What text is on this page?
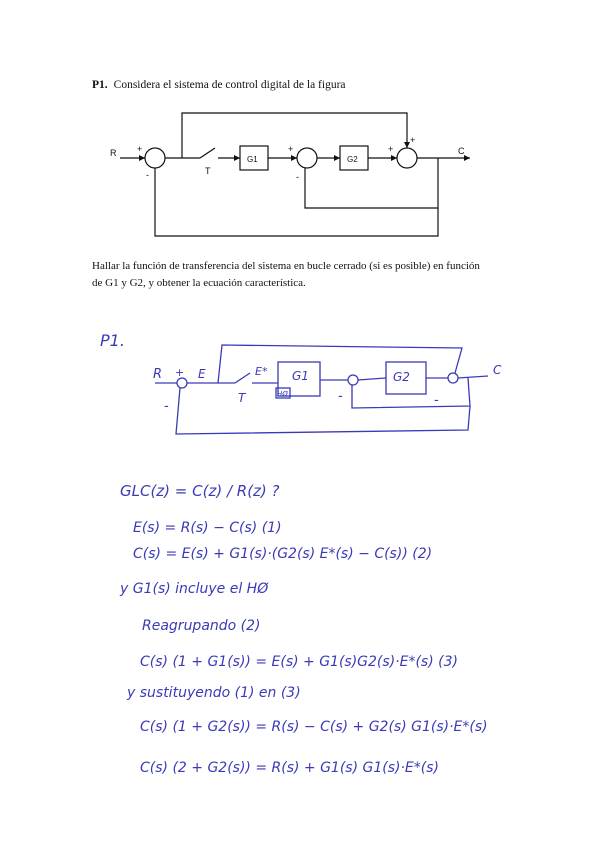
P1. Considera el sistema de control digital de la figura
R +
-	T
G1
+
-
G2
+
+
C
Hallar la función de transferencia del sistema en bucle cerrado (si es posible) en función
de G1 y G2, y obtener la ecuación característica.
P1.
R	E	E*
T
G1
HØ
G2	C
+
-
-	-
GLC(z) = C(z) / R(z) ?
E(s) = R(s) − C(s) (1)
C(s) = E(s) + G1(s)·(G2(s) E*(s) − C(s)) (2)
y G1(s) incluye el HØ
Reagrupando (2)
C(s) (1 + G1(s)) = E(s) + G1(s)G2(s)·E*(s) (3)
y sustituyendo (1) en (3)
C(s) (1 + G2(s)) = R(s) − C(s) + G2(s) G1(s)·E*(s)
C(s) (2 + G2(s)) = R(s) + G1(s) G1(s)·E*(s)
